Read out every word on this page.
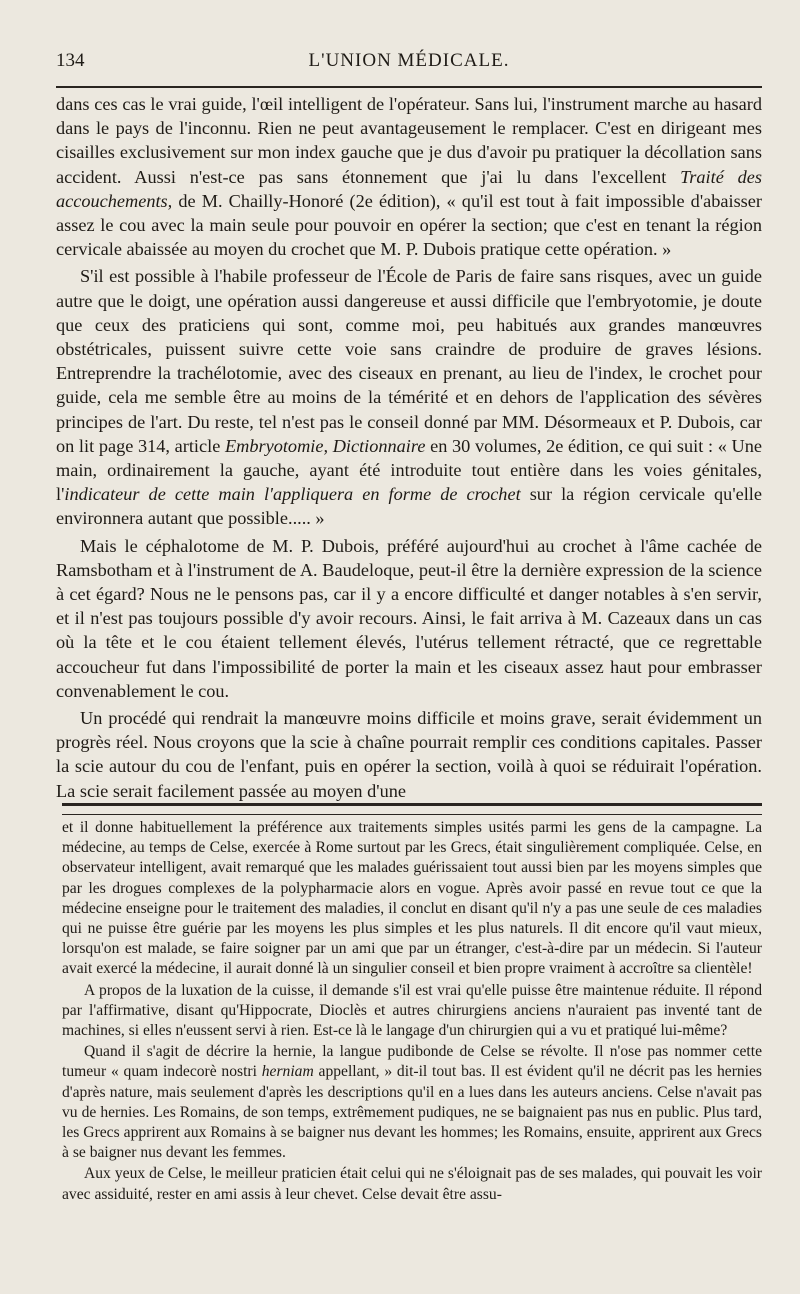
134	L'UNION MÉDICALE.

dans ces cas le vrai guide, l'œil intelligent de l'opérateur. Sans lui, l'instrument marche au hasard dans le pays de l'inconnu. Rien ne peut avantageusement le remplacer. C'est en dirigeant mes cisailles exclusivement sur mon index gauche que je dus d'avoir pu pratiquer la décollation sans accident. Aussi n'est-ce pas sans étonnement que j'ai lu dans l'excellent Traité des accouchements, de M. Chailly-Honoré (2e édition), « qu'il est tout à fait impossible d'abaisser assez le cou avec la main seule pour pouvoir en opérer la section; que c'est en tenant la région cervicale abaissée au moyen du crochet que M. P. Dubois pratique cette opération. »

S'il est possible à l'habile professeur de l'École de Paris de faire sans risques, avec un guide autre que le doigt, une opération aussi dangereuse et aussi difficile que l'embryotomie, je doute que ceux des praticiens qui sont, comme moi, peu habitués aux grandes manœuvres obstétricales, puissent suivre cette voie sans craindre de produire de graves lésions. Entreprendre la trachélotomie, avec des ciseaux en prenant, au lieu de l'index, le crochet pour guide, cela me semble être au moins de la témérité et en dehors de l'application des sévères principes de l'art. Du reste, tel n'est pas le conseil donné par MM. Désormeaux et P. Dubois, car on lit page 314, article Embryotomie, Dictionnaire en 30 volumes, 2e édition, ce qui suit : « Une main, ordinairement la gauche, ayant été introduite tout entière dans les voies génitales, l'indicateur de cette main l'appliquera en forme de crochet sur la région cervicale qu'elle environnera autant que possible..... »

Mais le céphalotome de M. P. Dubois, préféré aujourd'hui au crochet à l'âme cachée de Ramsbotham et à l'instrument de A. Baudeloque, peut-il être la dernière expression de la science à cet égard? Nous ne le pensons pas, car il y a encore difficulté et danger notables à s'en servir, et il n'est pas toujours possible d'y avoir recours. Ainsi, le fait arriva à M. Cazeaux dans un cas où la tête et le cou étaient tellement élevés, l'utérus tellement rétracté, que ce regrettable accoucheur fut dans l'impossibilité de porter la main et les ciseaux assez haut pour embrasser convenablement le cou.

Un procédé qui rendrait la manœuvre moins difficile et moins grave, serait évidemment un progrès réel. Nous croyons que la scie à chaîne pourrait remplir ces conditions capitales. Passer la scie autour du cou de l'enfant, puis en opérer la section, voilà à quoi se réduirait l'opération. La scie serait facilement passée au moyen d'une

et il donne habituellement la préférence aux traitements simples usités parmi les gens de la campagne. La médecine, au temps de Celse, exercée à Rome surtout par les Grecs, était singulièrement compliquée. Celse, en observateur intelligent, avait remarqué que les malades guérissaient tout aussi bien par les moyens simples que par les drogues complexes de la polypharmacie alors en vogue. Après avoir passé en revue tout ce que la médecine enseigne pour le traitement des maladies, il conclut en disant qu'il n'y a pas une seule de ces maladies qui ne puisse être guérie par les moyens les plus simples et les plus naturels. Il dit encore qu'il vaut mieux, lorsqu'on est malade, se faire soigner par un ami que par un étranger, c'est-à-dire par un médecin. Si l'auteur avait exercé la médecine, il aurait donné là un singulier conseil et bien propre vraiment à accroître sa clientèle!

A propos de la luxation de la cuisse, il demande s'il est vrai qu'elle puisse être maintenue réduite. Il répond par l'affirmative, disant qu'Hippocrate, Dioclès et autres chirurgiens anciens n'auraient pas inventé tant de machines, si elles n'eussent servi à rien. Est-ce là le langage d'un chirurgien qui a vu et pratiqué lui-même?

Quand il s'agit de décrire la hernie, la langue pudibonde de Celse se révolte. Il n'ose pas nommer cette tumeur « quam indecorè nostri herniam appellant, » dit-il tout bas. Il est évident qu'il ne décrit pas les hernies d'après nature, mais seulement d'après les descriptions qu'il en a lues dans les auteurs anciens. Celse n'avait pas vu de hernies. Les Romains, de son temps, extrêmement pudiques, ne se baignaient pas nus en public. Plus tard, les Grecs apprirent aux Romains à se baigner nus devant les hommes; les Romains, ensuite, apprirent aux Grecs à se baigner nus devant les femmes.

Aux yeux de Celse, le meilleur praticien était celui qui ne s'éloignait pas de ses malades, qui pouvait les voir avec assiduité, rester en ami assis à leur chevet. Celse devait être assu-
